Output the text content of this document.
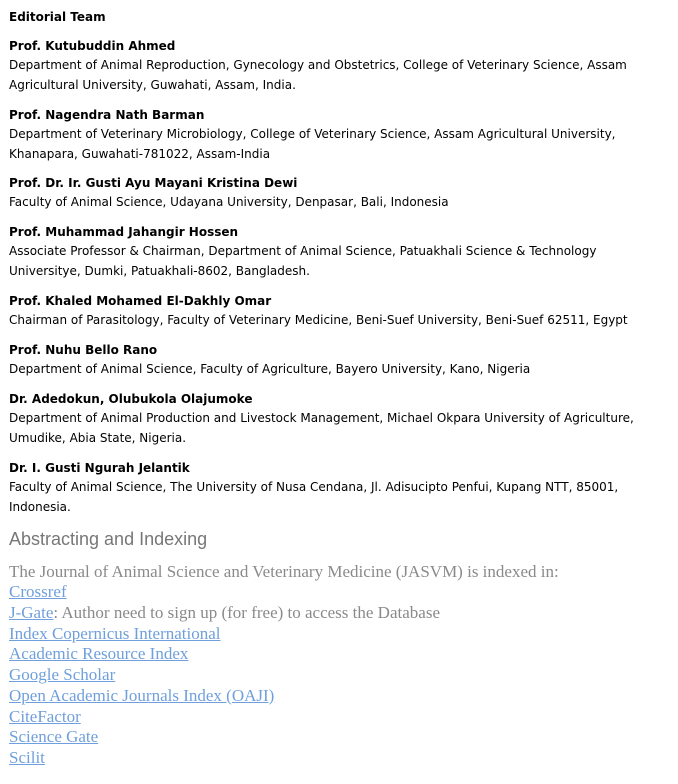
Editorial Team
Prof. Kutubuddin Ahmed
Department of Animal Reproduction, Gynecology and Obstetrics, College of Veterinary Science, Assam Agricultural University, Guwahati, Assam, India.
Prof. Nagendra Nath Barman
Department of Veterinary Microbiology, College of Veterinary Science, Assam Agricultural University, Khanapara, Guwahati-781022, Assam-India
Prof. Dr. Ir. Gusti Ayu Mayani Kristina Dewi
Faculty of Animal Science, Udayana University, Denpasar, Bali, Indonesia
Prof. Muhammad Jahangir Hossen
Associate Professor & Chairman, Department of Animal Science, Patuakhali Science & Technology Universitye, Dumki, Patuakhali-8602, Bangladesh.
Prof. Khaled Mohamed El-Dakhly Omar
Chairman of Parasitology, Faculty of Veterinary Medicine, Beni-Suef University, Beni-Suef 62511, Egypt
Prof. Nuhu Bello Rano
Department of Animal Science, Faculty of Agriculture, Bayero University, Kano, Nigeria
Dr. Adedokun, Olubukola Olajumoke
Department of Animal Production and Livestock Management, Michael Okpara University of Agriculture, Umudike, Abia State, Nigeria.
Dr. I. Gusti Ngurah Jelantik
Faculty of Animal Science, The University of Nusa Cendana, Jl. Adisucipto Penfui, Kupang NTT, 85001, Indonesia.
Abstracting and Indexing
The Journal of Animal Science and Veterinary Medicine (JASVM) is indexed in:
Crossref
J-Gate: Author need to sign up (for free) to access the Database
Index Copernicus International
Academic Resource Index
Google Scholar
Open Academic Journals Index (OAJI)
CiteFactor
Science Gate
Scilit
